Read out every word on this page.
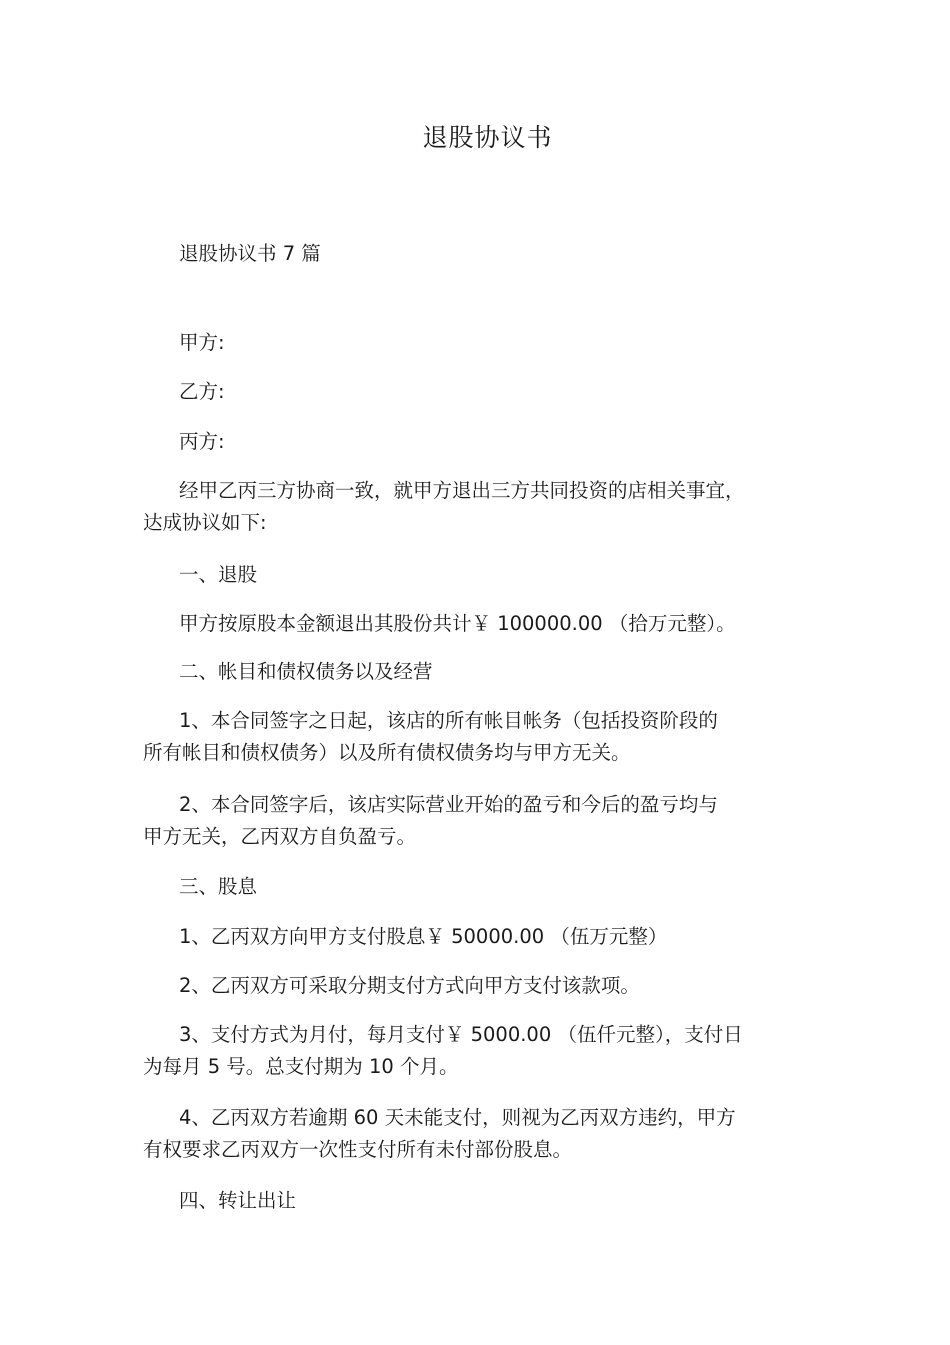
退股协议书
退股协议书 7 篇
甲方:
乙方:
丙方:
经甲乙丙三方协商一致，就甲方退出三方共同投资的店相关事宜，
达成协议如下:
一、退股
甲方按原股本金额退出其股份共计￥ 100000.00 （拾万元整）。
二、帐目和债权债务以及经营
1、本合同签字之日起，该店的所有帐目帐务（包括投资阶段的
所有帐目和债权债务）以及所有债权债务均与甲方无关。
2、本合同签字后，该店实际营业开始的盈亏和今后的盈亏均与
甲方无关，乙丙双方自负盈亏。
三、股息
1、乙丙双方向甲方支付股息￥ 50000.00 （伍万元整）
2、乙丙双方可采取分期支付方式向甲方支付该款项。
3、支付方式为月付，每月支付￥ 5000.00 （伍仟元整），支付日
为每月 5 号。总支付期为 10 个月。
4、乙丙双方若逾期 60 天未能支付，则视为乙丙双方违约，甲方
有权要求乙丙双方一次性支付所有未付部份股息。
四、转让出让
